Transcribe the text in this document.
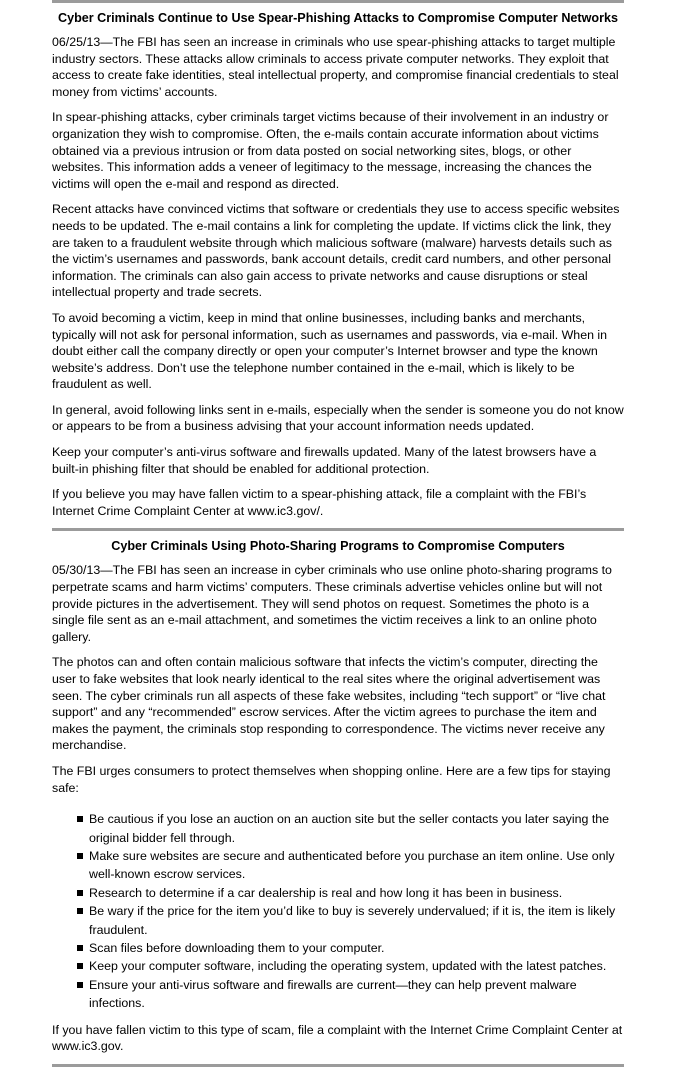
Cyber Criminals Continue to Use Spear-Phishing Attacks to Compromise Computer Networks

06/25/13—The FBI has seen an increase in criminals who use spear-phishing attacks to target multiple industry sectors. These attacks allow criminals to access private computer networks. They exploit that access to create fake identities, steal intellectual property, and compromise financial credentials to steal money from victims’ accounts.

In spear-phishing attacks, cyber criminals target victims because of their involvement in an industry or organization they wish to compromise. Often, the e-mails contain accurate information about victims obtained via a previous intrusion or from data posted on social networking sites, blogs, or other websites. This information adds a veneer of legitimacy to the message, increasing the chances the victims will open the e-mail and respond as directed.

Recent attacks have convinced victims that software or credentials they use to access specific websites needs to be updated. The e-mail contains a link for completing the update. If victims click the link, they are taken to a fraudulent website through which malicious software (malware) harvests details such as the victim’s usernames and passwords, bank account details, credit card numbers, and other personal information. The criminals can also gain access to private networks and cause disruptions or steal intellectual property and trade secrets.

To avoid becoming a victim, keep in mind that online businesses, including banks and merchants, typically will not ask for personal information, such as usernames and passwords, via e-mail. When in doubt either call the company directly or open your computer’s Internet browser and type the known website’s address. Don’t use the telephone number contained in the e-mail, which is likely to be fraudulent as well.

In general, avoid following links sent in e-mails, especially when the sender is someone you do not know or appears to be from a business advising that your account information needs updated.

Keep your computer’s anti-virus software and firewalls updated. Many of the latest browsers have a built-in phishing filter that should be enabled for additional protection.

If you believe you may have fallen victim to a spear-phishing attack, file a complaint with the FBI’s Internet Crime Complaint Center at www.ic3.gov/.

Cyber Criminals Using Photo-Sharing Programs to Compromise Computers

05/30/13—The FBI has seen an increase in cyber criminals who use online photo-sharing programs to perpetrate scams and harm victims’ computers. These criminals advertise vehicles online but will not provide pictures in the advertisement. They will send photos on request. Sometimes the photo is a single file sent as an e-mail attachment, and sometimes the victim receives a link to an online photo gallery.

The photos can and often contain malicious software that infects the victim’s computer, directing the user to fake websites that look nearly identical to the real sites where the original advertisement was seen. The cyber criminals run all aspects of these fake websites, including “tech support” or “live chat support” and any “recommended” escrow services. After the victim agrees to purchase the item and makes the payment, the criminals stop responding to correspondence. The victims never receive any merchandise.

The FBI urges consumers to protect themselves when shopping online. Here are a few tips for staying safe:

Be cautious if you lose an auction on an auction site but the seller contacts you later saying the original bidder fell through.
Make sure websites are secure and authenticated before you purchase an item online. Use only well-known escrow services.
Research to determine if a car dealership is real and how long it has been in business.
Be wary if the price for the item you’d like to buy is severely undervalued; if it is, the item is likely fraudulent.
Scan files before downloading them to your computer.
Keep your computer software, including the operating system, updated with the latest patches.
Ensure your anti-virus software and firewalls are current—they can help prevent malware infections.

If you have fallen victim to this type of scam, file a complaint with the Internet Crime Complaint Center at www.ic3.gov.
